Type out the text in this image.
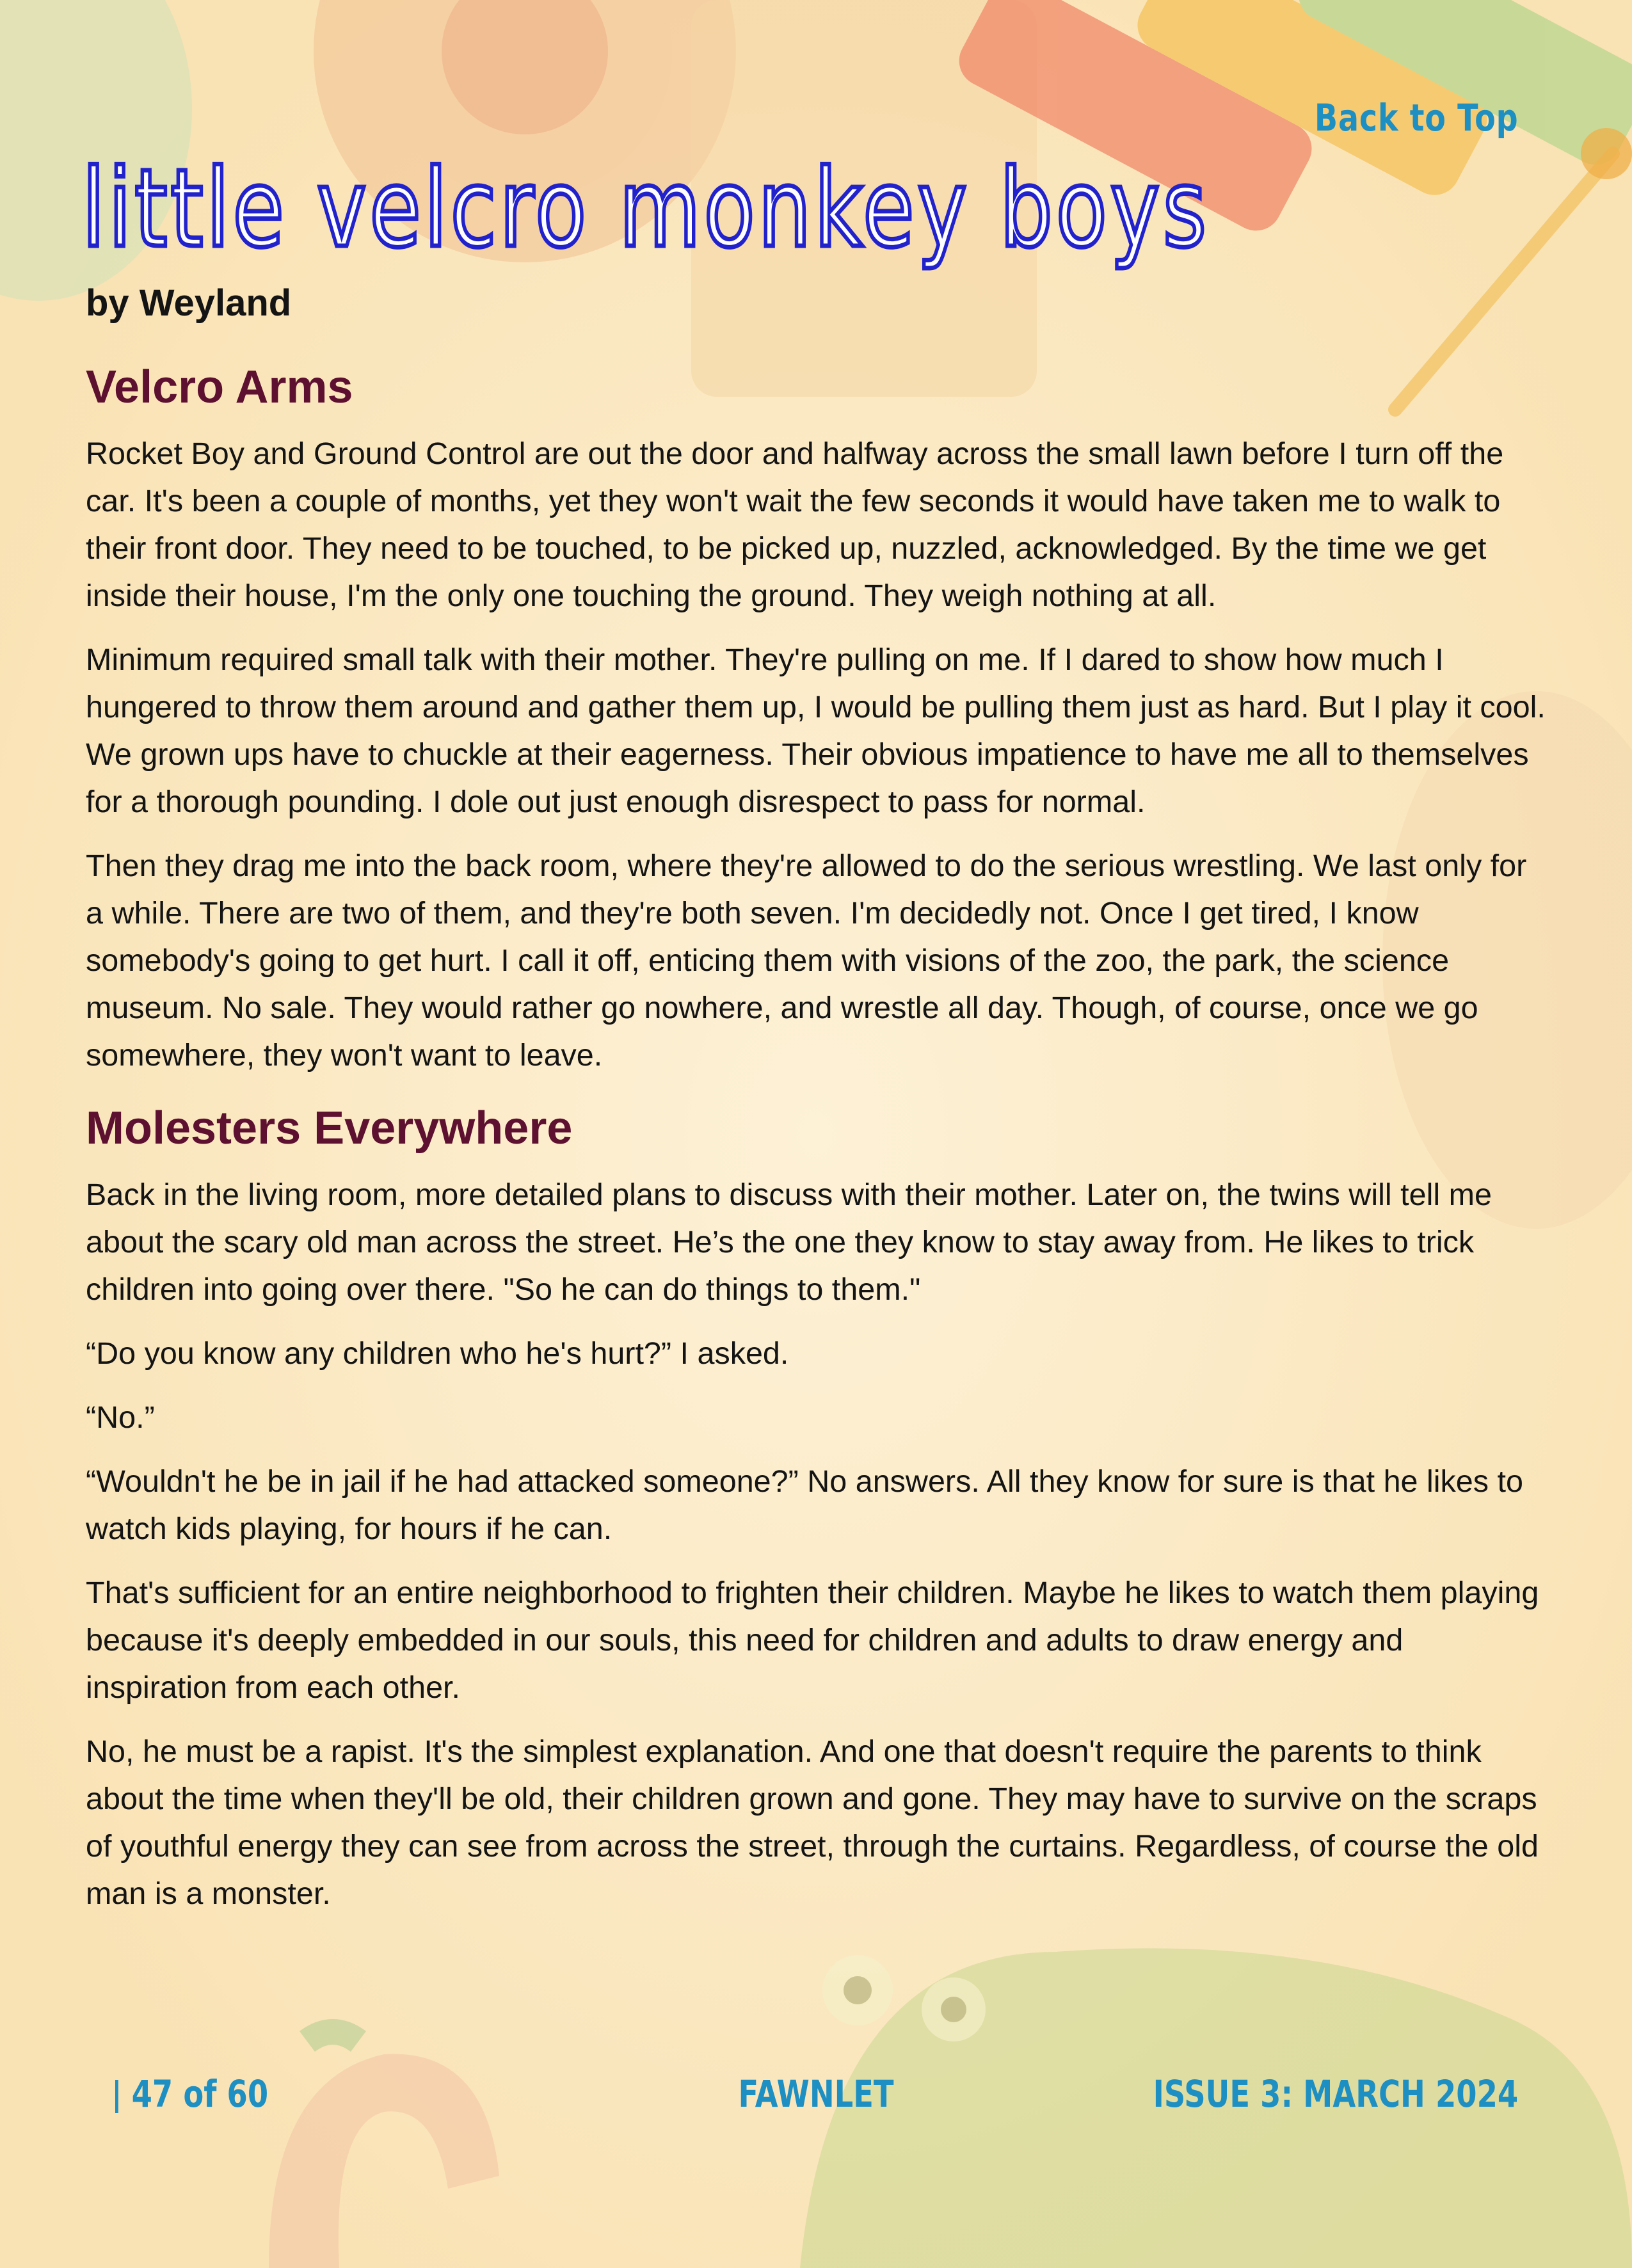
Back to Top
little velcro monkey boys
by Weyland
Velcro Arms

Rocket Boy and Ground Control are out the door and halfway across the small lawn before I turn off the car. It's been a couple of months, yet they won't wait the few seconds it would have taken me to walk to their front door. They need to be touched, to be picked up, nuzzled, acknowledged. By the time we get inside their house, I'm the only one touching the ground. They weigh nothing at all.

Minimum required small talk with their mother. They're pulling on me. If I dared to show how much I hungered to throw them around and gather them up, I would be pulling them just as hard. But I play it cool. We grown ups have to chuckle at their eagerness. Their obvious impatience to have me all to themselves for a thorough pounding. I dole out just enough disrespect to pass for normal.

Then they drag me into the back room, where they're allowed to do the serious wrestling. We last only for a while. There are two of them, and they're both seven. I'm decidedly not. Once I get tired, I know somebody's going to get hurt. I call it off, enticing them with visions of the zoo, the park, the science museum. No sale. They would rather go nowhere, and wrestle all day. Though, of course, once we go somewhere, they won't want to leave.

Molesters Everywhere

Back in the living room, more detailed plans to discuss with their mother. Later on, the twins will tell me about the scary old man across the street. He’s the one they know to stay away from. He likes to trick children into going over there. "So he can do things to them."

“Do you know any children who he's hurt?” I asked.

“No.”

“Wouldn't he be in jail if he had attacked someone?” No answers. All they know for sure is that he likes to watch kids playing, for hours if he can.

That's sufficient for an entire neighborhood to frighten their children. Maybe he likes to watch them playing because it's deeply embedded in our souls, this need for children and adults to draw energy and inspiration from each other.

No, he must be a rapist. It's the simplest explanation. And one that doesn't require the parents to think about the time when they'll be old, their children grown and gone. They may have to survive on the scraps of youthful energy they can see from across the street, through the curtains. Regardless, of course the old man is a monster.

47 of 60	FAWNLET	ISSUE 3: MARCH 2024
